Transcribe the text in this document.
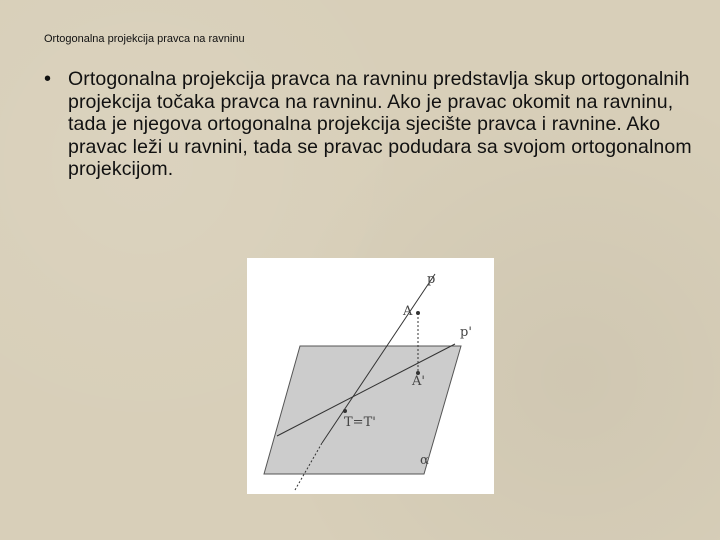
Ortogonalna projekcija pravca na ravninu
• Ortogonalna projekcija pravca na ravninu predstavlja skup ortogonalnih projekcija točaka pravca na ravninu. Ako je pravac okomit na ravninu, tada je njegova ortogonalna projekcija sjecište pravca i ravnine. Ako pravac leži u ravnini, tada se pravac podudara sa svojom ortogonalnom projekcijom.
p
A
p'
A'
T=T'
α
